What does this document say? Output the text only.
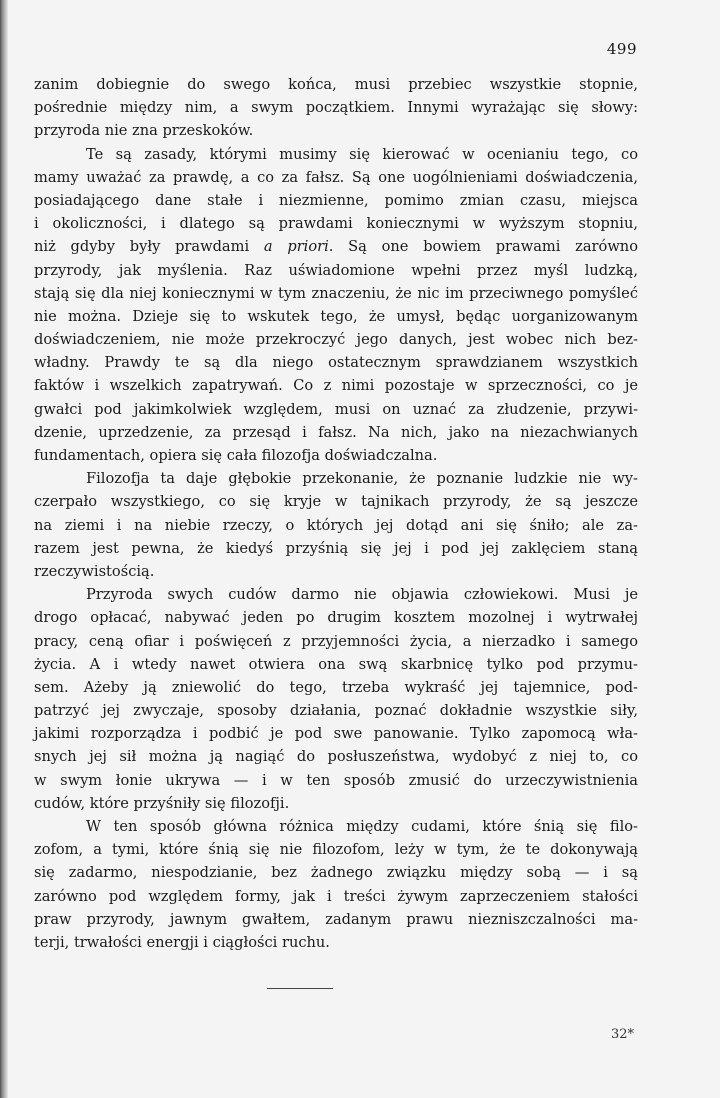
499
zanim dobiegnie do swego końca, musi przebiec wszystkie stopnie,
pośrednie między nim, a swym początkiem. Innymi wyrażając się słowy:
przyroda nie zna przeskoków.
Te są zasady, którymi musimy się kierować w ocenianiu tego, co
mamy uważać za prawdę, a co za fałsz. Są one uogólnieniami doświadczenia,
posiadającego dane stałe i niezmienne, pomimo zmian czasu, miejsca
i okoliczności, i dlatego są prawdami koniecznymi w wyższym stopniu,
niż gdyby były prawdami a priori. Są one bowiem prawami zarówno
przyrody, jak myślenia. Raz uświadomione wpełni przez myśl ludzką,
stają się dla niej koniecznymi w tym znaczeniu, że nic im przeciwnego pomyśleć
nie można. Dzieje się to wskutek tego, że umysł, będąc uorganizowanym
doświadczeniem, nie może przekroczyć jego danych, jest wobec nich bez-
władny. Prawdy te są dla niego ostatecznym sprawdzianem wszystkich
faktów i wszelkich zapatrywań. Co z nimi pozostaje w sprzeczności, co je
gwałci pod jakimkolwiek względem, musi on uznać za złudzenie, przywi-
dzenie, uprzedzenie, za przesąd i fałsz. Na nich, jako na niezachwianych
fundamentach, opiera się cała filozofja doświadczalna.
Filozofja ta daje głębokie przekonanie, że poznanie ludzkie nie wy-
czerpało wszystkiego, co się kryje w tajnikach przyrody, że są jeszcze
na ziemi i na niebie rzeczy, o których jej dotąd ani się śniło; ale za-
razem jest pewna, że kiedyś przyśnią się jej i pod jej zaklęciem staną
rzeczywistością.
Przyroda swych cudów darmo nie objawia człowiekowi. Musi je
drogo opłacać, nabywać jeden po drugim kosztem mozolnej i wytrwałej
pracy, ceną ofiar i poświęceń z przyjemności życia, a nierzadko i samego
życia. A i wtedy nawet otwiera ona swą skarbnicę tylko pod przymu-
sem. Ażeby ją zniewolić do tego, trzeba wykraść jej tajemnice, pod-
patrzyć jej zwyczaje, sposoby działania, poznać dokładnie wszystkie siły,
jakimi rozporządza i podbić je pod swe panowanie. Tylko zapomocą wła-
snych jej sił można ją nagiąć do posłuszeństwa, wydobyć z niej to, co
w swym łonie ukrywa — i w ten sposób zmusić do urzeczywistnienia
cudów, które przyśniły się filozofji.
W ten sposób główna różnica między cudami, które śnią się filo-
zofom, a tymi, które śnią się nie filozofom, leży w tym, że te dokonywają
się zadarmo, niespodzianie, bez żadnego związku między sobą — i są
zarówno pod względem formy, jak i treści żywym zaprzeczeniem stałości
praw przyrody, jawnym gwałtem, zadanym prawu niezniszczalności ma-
terji, trwałości energji i ciągłości ruchu.
32*
